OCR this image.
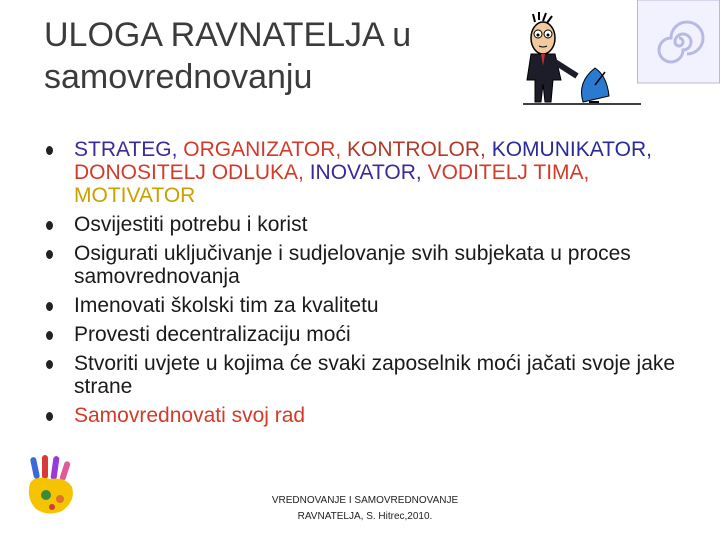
ULOGA RAVNATELJA u samovrednovanju
STRATEG, ORGANIZATOR, KONTROLOR, KOMUNIKATOR, DONOSITELJ ODLUKA, INOVATOR, VODITELJ TIMA, MOTIVATOR
Osvijestiti potrebu i korist
Osigurati uključivanje i sudjelovanje svih subjekata u proces samovrednovanja
Imenovati školski tim za kvalitetu
Provesti decentralizaciju moći
Stvoriti uvjete u kojima će svaki zaposelnik moći jačati svoje jake strane
Samovrednovati svoj rad
VREDNOVANJE I SAMOVREDNOVANJE
RAVNATELJA, S. Hitrec,2010.
